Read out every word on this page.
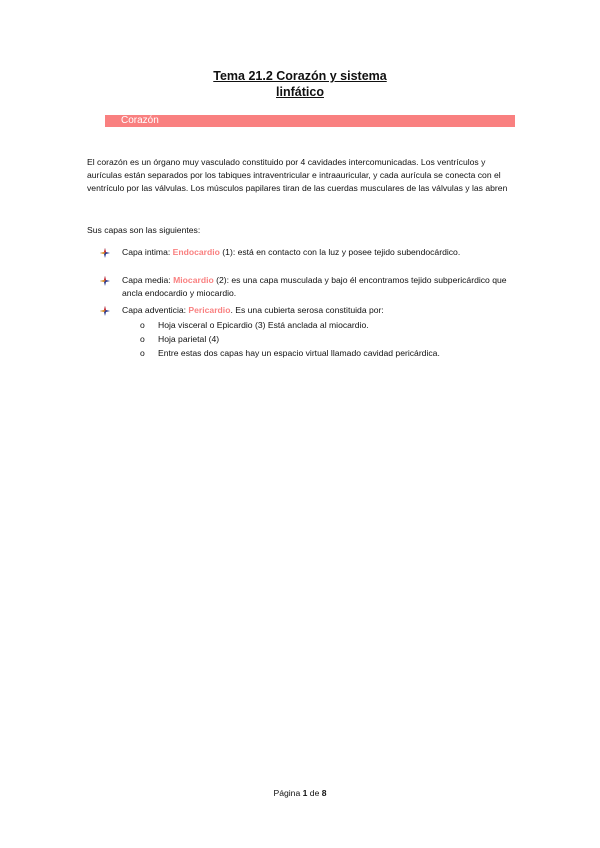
Tema 21.2 Corazón y sistema
linfático
Corazón
El corazón es un órgano muy vasculado constituido por 4 cavidades intercomunicadas. Los ventrículos y aurículas están separados por los tabiques intraventricular e intraauricular, y cada aurícula se conecta con el ventrículo por las válvulas. Los músculos papilares tiran de las cuerdas musculares de las válvulas y las abren
Sus capas son las siguientes:
Capa intima: Endocardio (1): está en contacto con la luz y posee tejido subendocárdico.
Capa media: Miocardio (2): es una capa musculada y bajo él encontramos tejido subpericárdico que ancla endocardio y miocardio.
Capa adventicia: Pericardio. Es una cubierta serosa constituida por:
o Hoja visceral o Epicardio (3) Está anclada al miocardio.
o Hoja parietal (4)
o Entre estas dos capas hay un espacio virtual llamado cavidad pericárdica.
Página 1 de 8
